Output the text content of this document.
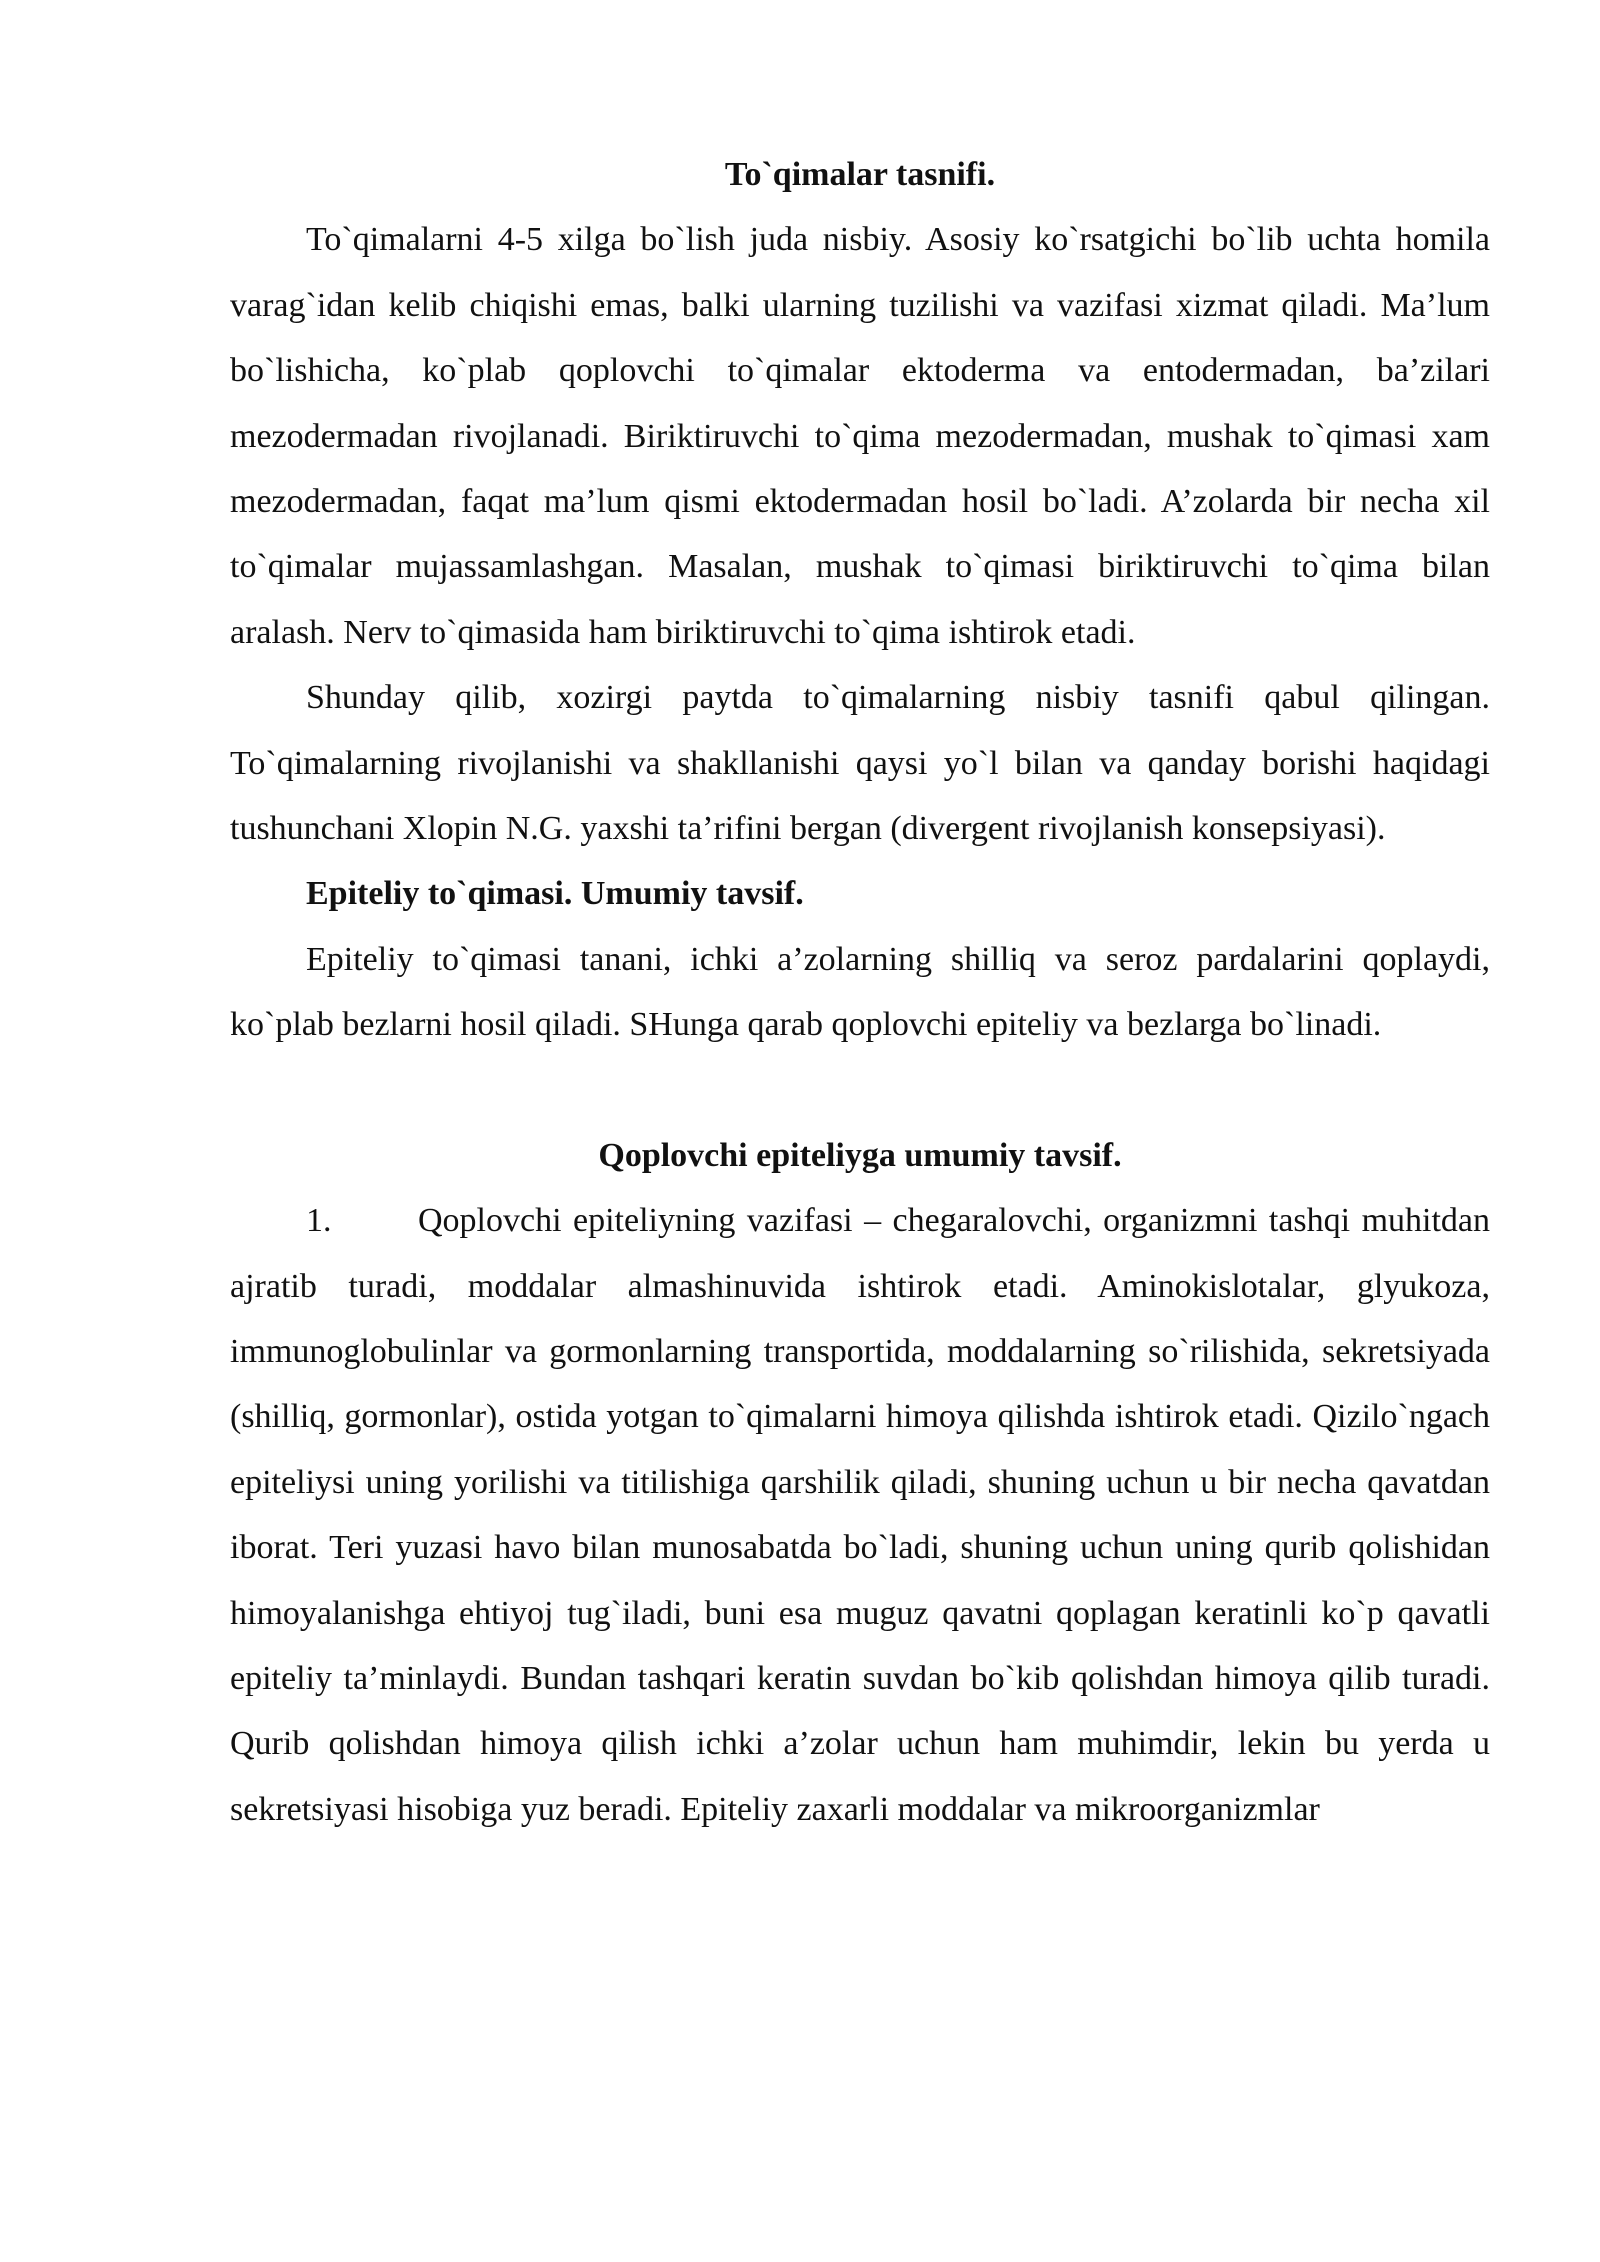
To`qimalar tasnifi.

To`qimalarni 4-5 xilga bo`lish juda nisbiy. Asosiy ko`rsatgichi bo`lib uchta homila varag`idan kelib chiqishi emas, balki ularning tuzilishi va vazifasi xizmat qiladi. Ma’lum bo`lishicha, ko`plab qoplovchi to`qimalar ektoderma va entodermadan, ba’zilari mezodermadan rivojlanadi. Biriktiruvchi to`qima mezodermadan, mushak to`qimasi xam mezodermadan, faqat ma’lum qismi ektodermadan hosil bo`ladi. A’zolarda bir necha xil to`qimalar mujassamlashgan. Masalan, mushak to`qimasi biriktiruvchi to`qima bilan aralash. Nerv to`qimasida ham biriktiruvchi to`qima ishtirok etadi.

Shunday qilib, xozirgi paytda to`qimalarning nisbiy tasnifi qabul qilingan. To`qimalarning rivojlanishi va shakllanishi qaysi yo`l bilan va qanday borishi haqidagi tushunchani Xlopin N.G. yaxshi ta’rifini bergan (divergent rivojlanish konsepsiyasi).

Epiteliy to`qimasi. Umumiy tavsif.

Epiteliy to`qimasi tanani, ichki a’zolarning shilliq va seroz pardalarini qoplaydi, ko`plab bezlarni hosil qiladi. SHunga qarab qoplovchi epiteliy va bezlarga bo`linadi.

Qoplovchi epiteliyga umumiy tavsif.

1.	Qoplovchi epiteliyning vazifasi – chegaralovchi, organizmni tashqi muhitdan ajratib turadi, moddalar almashinuvida ishtirok etadi. Aminokislotalar, glyukoza, immunoglobulinlar va gormonlarning transportida, moddalarning so`rilishida, sekretsiyada (shilliq, gormonlar), ostida yotgan to`qimalarni himoya qilishda ishtirok etadi. Qizilo`ngach epiteliysi uning yorilishi va titilishiga qarshilik qiladi, shuning uchun u bir necha qavatdan iborat. Teri yuzasi havo bilan munosabatda bo`ladi, shuning uchun uning qurib qolishidan himoyalanishga ehtiyoj tug`iladi, buni esa muguz qavatni qoplagan keratinli ko`p qavatli epiteliy ta’minlaydi. Bundan tashqari keratin suvdan bo`kib qolishdan himoya qilib turadi. Qurib qolishdan himoya qilish ichki a’zolar uchun ham muhimdir, lekin bu yerda u sekretsiyasi hisobiga yuz beradi. Epiteliy zaxarli moddalar va mikroorganizmlar
